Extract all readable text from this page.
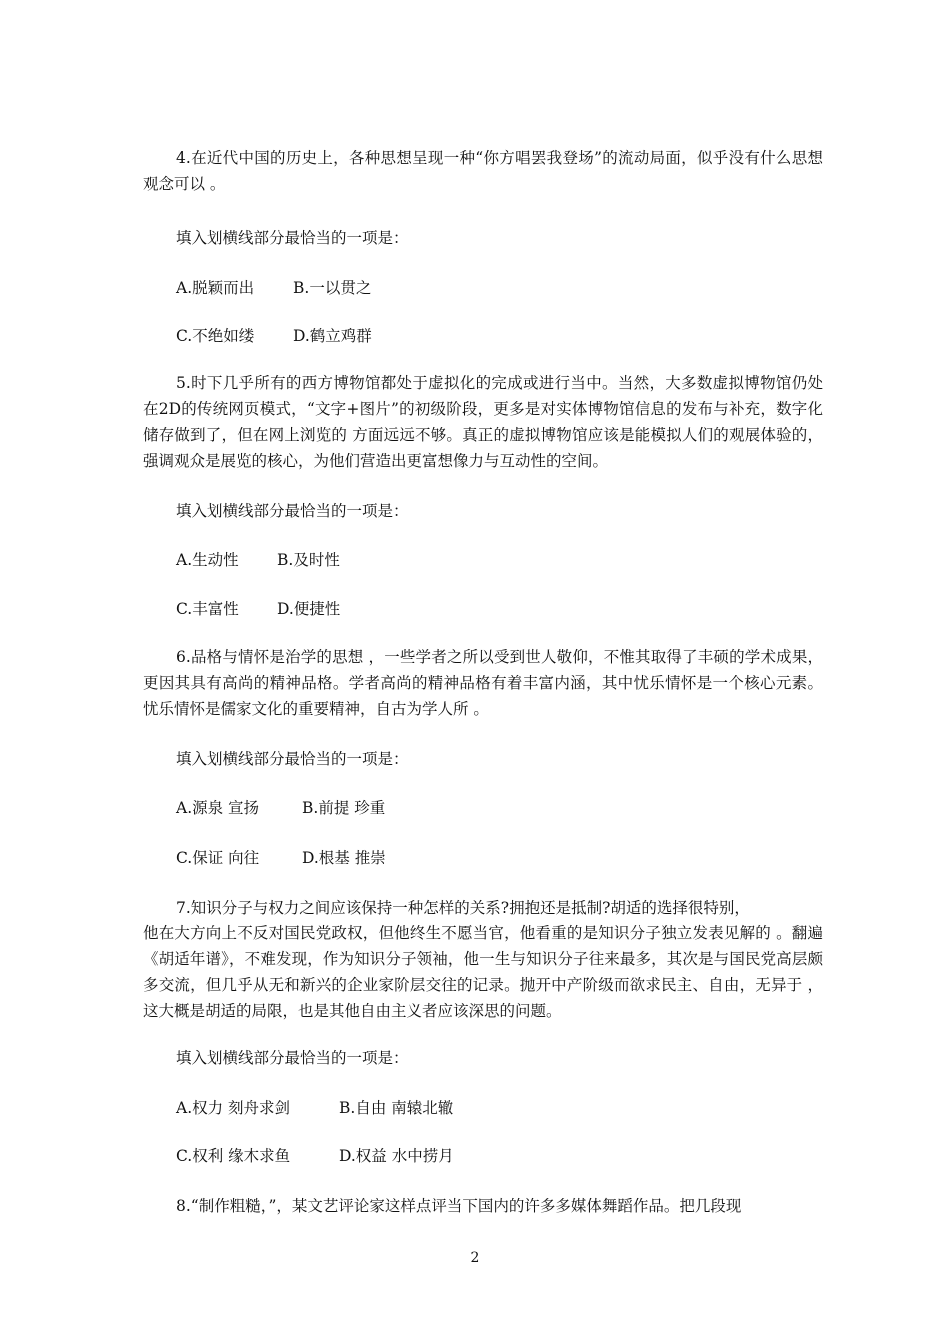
4.在近代中国的历史上，各种思想呈现一种“你方唱罢我登场”的流动局面，似乎没有什么思想观念可以 。

填入划横线部分最恰当的一项是：

A.脱颖而出	B.一以贯之

C.不绝如缕	D.鹤立鸡群

5.时下几乎所有的西方博物馆都处于虚拟化的完成或进行当中。当然，大多数虚拟博物馆仍处在2D的传统网页模式，“文字+图片”的初级阶段，更多是对实体博物馆信息的发布与补充，数字化储存做到了，但在网上浏览的 方面远远不够。真正的虚拟博物馆应该是能模拟人们的观展体验的，强调观众是展览的核心，为他们营造出更富想像力与互动性的空间。

填入划横线部分最恰当的一项是：

A.生动性 B.及时性

C.丰富性 D.便捷性

6.品格与情怀是治学的思想 ，一些学者之所以受到世人敬仰，不惟其取得了丰硕的学术成果，更因其具有高尚的精神品格。学者高尚的精神品格有着丰富内涵，其中忧乐情怀是一个核心元素。忧乐情怀是儒家文化的重要精神，自古为学人所 。

填入划横线部分最恰当的一项是：

A.源泉 宣扬	B.前提 珍重

C.保证 向往	D.根基 推崇

7.知识分子与权力之间应该保持一种怎样的关系?拥抱还是抵制?胡适的选择很特别，

他在大方向上不反对国民党政权，但他终生不愿当官，他看重的是知识分子独立发表见解的 。翻遍《胡适年谱》，不难发现，作为知识分子领袖，他一生与知识分子往来最多，其次是与国民党高层颇多交流，但几乎从无和新兴的企业家阶层交往的记录。抛开中产阶级而欲求民主、自由，无异于 ，这大概是胡适的局限，也是其他自由主义者应该深思的问题。

填入划横线部分最恰当的一项是：

A.权力 刻舟求剑	B.自由 南辕北辙

C.权利 缘木求鱼	D.权益 水中捞月

8.“制作粗糙，”，某文艺评论家这样点评当下国内的许多多媒体舞蹈作品。把几段现

2
